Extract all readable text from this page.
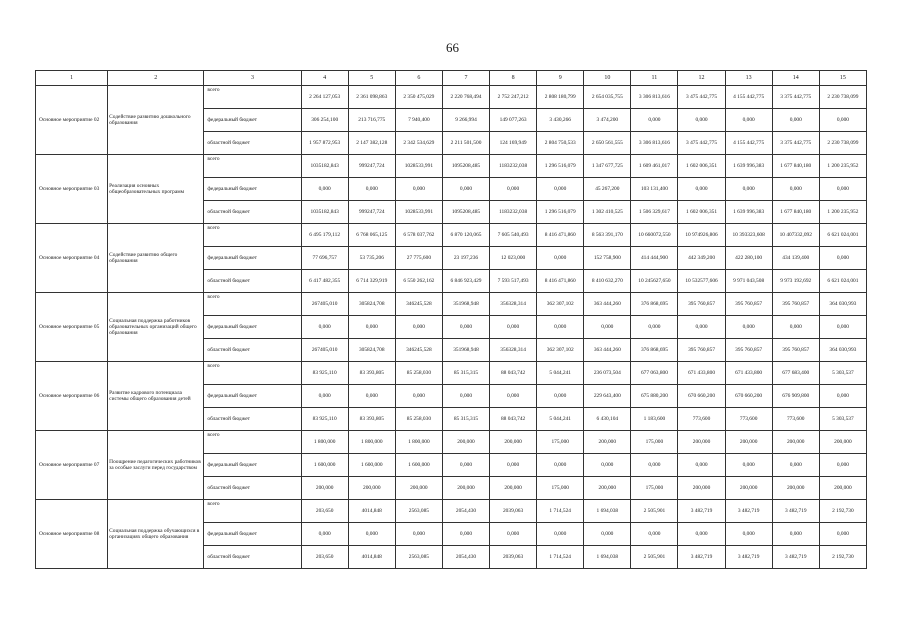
66
1	2	3	4	5	6	7	8	9	10	11	12	13	14	15
Основное мероприятие 02	Содействие развитию дошкольного образования	всего	2 264 127,053	2 361 098,863	2 350 475,029	2 220 768,494	2 752 247,212	2 808 180,799	2 654 035,755	3 306 813,616	3 475 442,775	4 155 442,775	3 375 442,775	2 230 738,099
		федеральный бюджет	306 254,100	213 716,775	7 940,400	9 266,994	149 077,263	3 430,266	3 474,200	0,000	0,000	0,000	0,000	0,000
		областной бюджет	1 957 872,953	2 147 382,128	2 342 534,629	2 211 501,500	124 169,949	2 804 750,533	2 650 561,555	3 306 813,616	3 475 442,775	4 155 442,775	3 375 442,775	2 230 738,099
Основное мероприятие 03	Реализация основных общеобразовательных программ	всего	1035182,843	999247,724	1028533,991	1095208,485	1183232,038	1 296 516,079	1 347 677,725	1 609 461,017	1 602 006,351	1 639 996,383	1 677 840,180	1 200 235,952
		федеральный бюджет	0,000	0,000	0,000	0,000	0,000	0,000	45 267,200	103 131,400	0,000	0,000	0,000	0,000
		областной бюджет	1035182,843	999247,724	1028533,991	1095208,485	1183232,038	1 296 516,079	1 302 410,525	1 506 329,617	1 602 006,351	1 639 996,383	1 677 840,180	1 200 235,952
Основное мероприятие 04	Содействие развитию общего образования	всего	6 495 179,112	6 768 065,125	6 578 037,762	6 870 120,065	7 605 540,493	8 416 471,860	8 563 391,170	10 660072,550	10 974926,806	10 393323,608	10 407332,092	6 621 024,001
		федеральный бюджет	77 696,757	53 735,206	27 775,600	23 197,236	12 023,000	0,000	152 758,900	414 444,900	442 349,200	422 280,100	434 139,400	0,000
		областной бюджет	6 417 482,355	6 714 329,919	6 550 262,162	6 846 923,429	7 593 517,493	8 416 471,860	8 410 632,270	10 245627,650	10 532577,606	9 971 043,508	9 973 192,692	6 621 024,001
Основное мероприятие 05	Социальная поддержка работников образовательных организаций общего образования	всего	267405,010	305824,708	346245,528	351968,948	356328,314	362 307,102	363 444,260	376 868,695	395 760,857	395 760,857	395 760,857	364 030,993
		федеральный бюджет	0,000	0,000	0,000	0,000	0,000	0,000	0,000	0,000	0,000	0,000	0,000	0,000
		областной бюджет	267405,010	305824,708	346245,528	351968,948	356328,314	362 307,102	363 444,260	376 868,695	395 760,857	395 760,857	395 760,857	364 030,993
Основное мероприятие 06	Развитие кадрового потенциала системы общего образования детей	всего	83 925,110	83 393,805	85 258,030	85 315,315	88 043,742	5 044,241	236 073,504	677 063,800	671 433,800	671 433,800	677 683,400	5 303,537
		федеральный бюджет	0,000	0,000	0,000	0,000	0,000	0,000	229 643,400	675 880,200	670 660,200	670 660,200	676 909,800	0,000
		областной бюджет	83 925,110	83 393,805	85 258,030	85 315,315	88 043,742	5 044,241	6 430,104	1 183,600	773,600	773,600	773,600	5 303,537
Основное мероприятие 07	Поощрение педагогических работников за особые заслуги перед государством	всего	1 800,000	1 800,000	1 800,000	200,000	200,000	175,000	200,000	175,000	200,000	200,000	200,000	200,000
		федеральный бюджет	1 600,000	1 600,000	1 600,000	0,000	0,000	0,000	0,000	0,000	0,000	0,000	0,000	0,000
		областной бюджет	200,000	200,000	200,000	200,000	200,000	175,000	200,000	175,000	200,000	200,000	200,000	200,000
Основное мероприятие 08	Социальная поддержка обучающихся в организациях общего образования	всего	203,650	4014,848	2563,085	2054,430	2039,063	1 714,524	1 694,038	2 505,901	3 482,719	3 482,719	3 482,719	2 192,730
		федеральный бюджет	0,000	0,000	0,000	0,000	0,000	0,000	0,000	0,000	0,000	0,000	0,000	0,000
		областной бюджет	203,650	4014,848	2563,085	2054,430	2039,063	1 714,524	1 694,038	2 505,901	3 482,719	3 482,719	3 482,719	2 192,730
